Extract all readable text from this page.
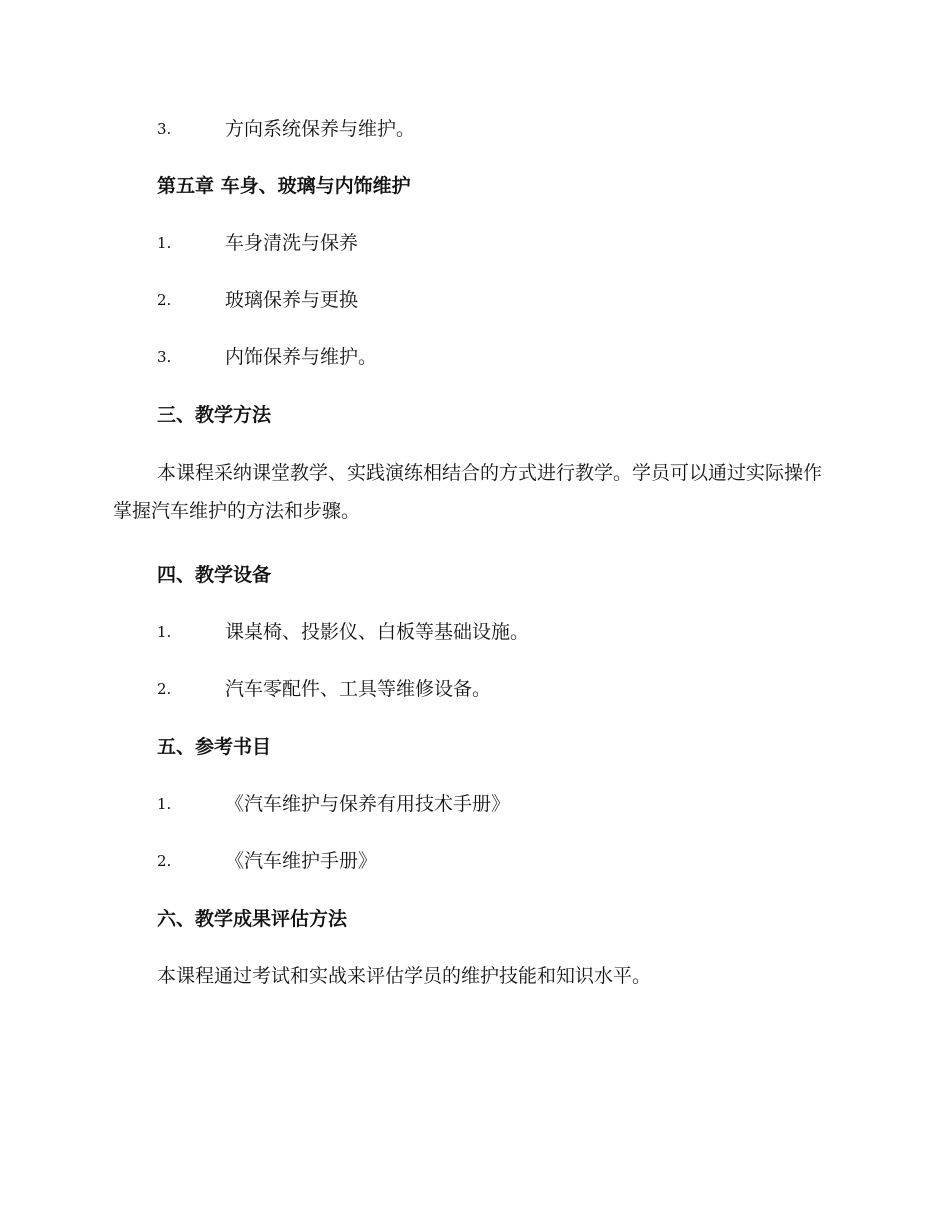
3.	方向系统保养与维护。
第五章 车身、玻璃与内饰维护
1.	车身清洗与保养
2.	玻璃保养与更换
3.	内饰保养与维护。
三、教学方法
本课程采纳课堂教学、实践演练相结合的方式进行教学。学员可以通过实际操作掌握汽车维护的方法和步骤。
四、教学设备
1.	课桌椅、投影仪、白板等基础设施。
2.	汽车零配件、工具等维修设备。
五、参考书目
1.	《汽车维护与保养有用技术手册》
2.	《汽车维护手册》
六、教学成果评估方法
本课程通过考试和实战来评估学员的维护技能和知识水平。
